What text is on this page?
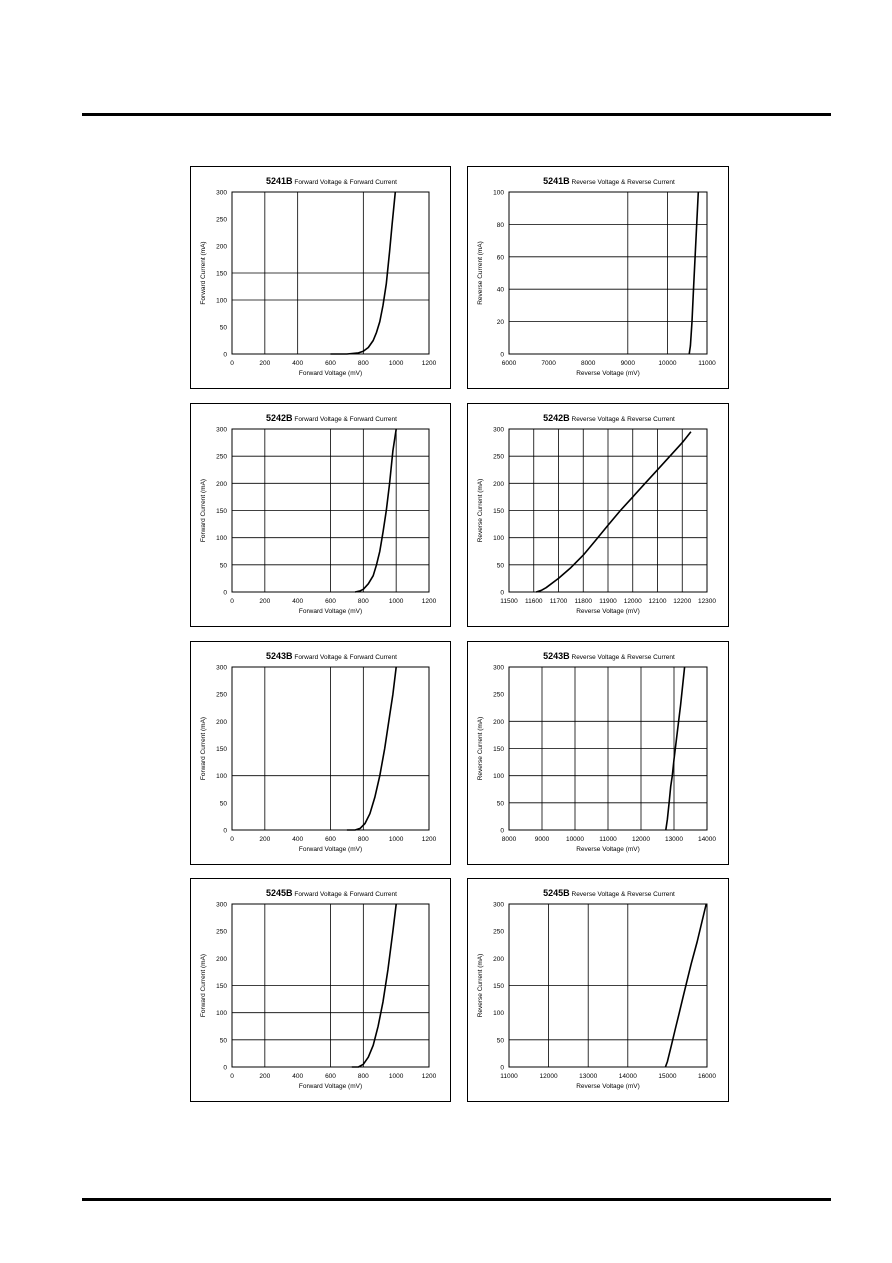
5241B Forward Voltage & Forward Current
0	200	400	600	800	1000	1200
0
50
100
150
200
250
300
Forward Voltage (mV)
Forward Current (mA)
5241B Reverse Voltage & Reverse Current
6000	7000	8000	9000	10000	11000
0
20
40
60
80
100
Reverse Voltage (mV)
Reverse Current (mA)
5242B Forward Voltage & Forward Current
0	200	400	600	800	1000	1200
0
50
100
150
200
250
300
Forward Voltage (mV)
Forward Current (mA)
5242B Reverse Voltage & Reverse Current
11500 11600 11700 11800 11900 12000 12100 12200 12300
0
50
100
150
200
250
300
Reverse Voltage (mV)
Reverse Current (mA)
5243B Forward Voltage & Forward Current
0	200	400	600	800	1000	1200
0
50
100
150
200
250
300
Forward Voltage (mV)
Forward Current (mA)
5243B Reverse Voltage & Reverse Current
8000	9000	10000 11000 12000 13000 14000
0
50
100
150
200
250
300
Reverse Voltage (mV)
Reverse Current (mA)
5245B Forward Voltage & Forward Current
0	200	400	600	800	1000	1200
0
50
100
150
200
250
300
Forward Voltage (mV)
Forward Current (mA)
5245B Reverse Voltage & Reverse Current
11000	12000	13000	14000	15000	16000
0
50
100
150
200
250
300
Reverse Voltage (mV)
Reverse Current (mA)
